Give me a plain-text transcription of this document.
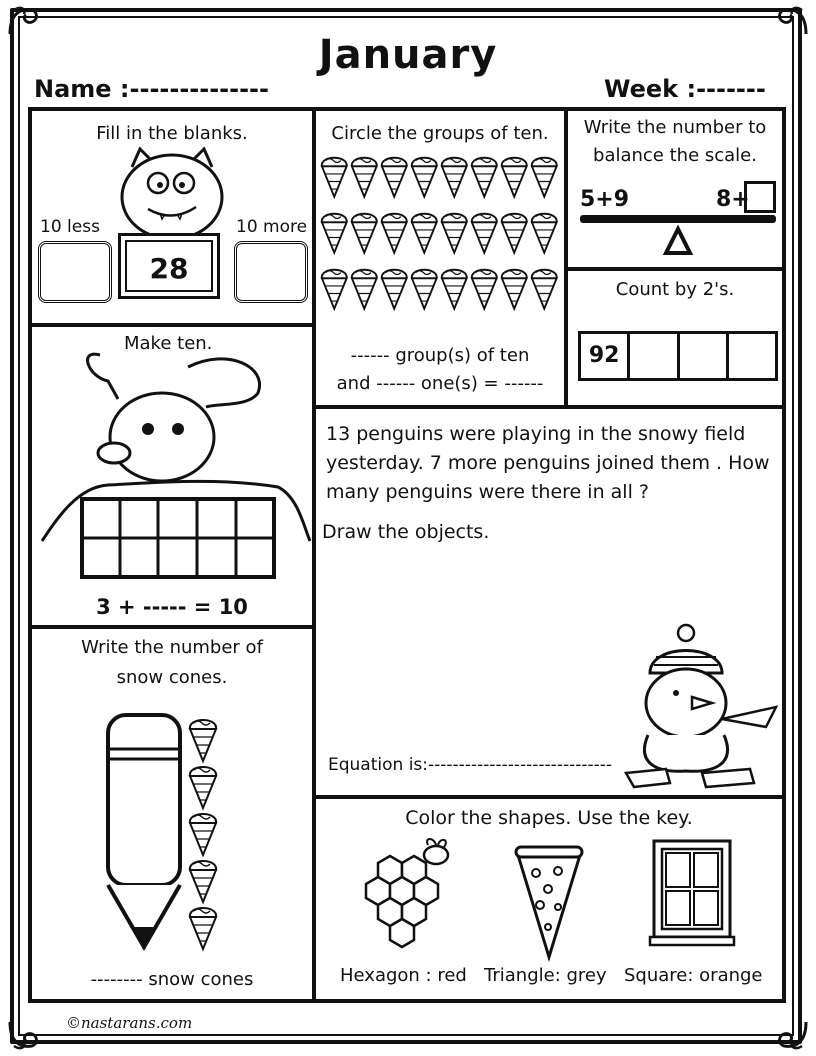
January
Name :--------------	Week :-------
Fill in the blanks.
10 less	10 more
28
Circle the groups of ten.
------ group(s) of ten
and ------ one(s) = ------
Write the number to
balance the scale.
5+9	8+
Count by 2's.
92
Make ten.
3 + ----- = 10
13 penguins were playing in the snowy field
yesterday. 7 more penguins joined them . How
many penguins were there in all ?
Draw the objects.
Equation is:------------------------------
Write the number of
snow cones.
-------- snow cones
Color the shapes. Use the key.
Hexagon : red Triangle: grey Square: orange
©nastarans.com
